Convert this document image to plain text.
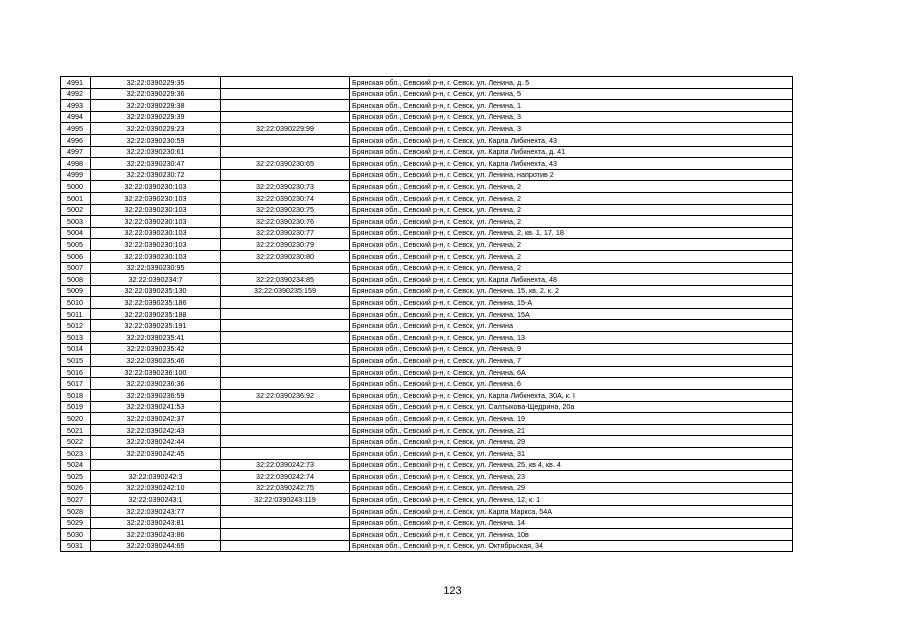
4991	32:22:0390229:35		Брянская обл., Севский р-н, г. Севск, ул. Ленина, д. 5
4992	32:22:0390229:36		Брянская обл., Севский р-н, г. Севск, ул. Ленина, 5
4993	32:22:0390229:38		Брянская обл., Севский р-н, г. Севск, ул. Ленина, 1
4994	32:22:0390229:39		Брянская обл., Севский р-н, г. Севск, ул. Ленина, 3
4995	32:22:0390229:23	32:22:0390229:99	Брянская обл., Севский р-н, г. Севск, ул. Ленина, 3
4996	32:22:0390230:59		Брянская обл., Севский р-н, г. Севск, ул. Карла Либкнехта, 43
4997	32:22:0390230:61		Брянская обл., Севский р-н, г. Севск, ул. Карла Либкнехта, д. 41
4998	32:22:0390230:47	32:22:0390230:65	Брянская обл., Севский р-н, г. Севск, ул. Карла Либкнехта, 43
4999	32:22:0390230:72		Брянская обл., Севский р-н, г. Севск, ул. Ленина, напротив 2
5000	32:22:0390230:103	32:22:0390230:73	Брянская обл., Севский р-н, г. Севск, ул. Ленина, 2
5001	32:22:0390230:103	32:22:0390230:74	Брянская обл., Севский р-н, г. Севск, ул. Ленина, 2
5002	32:22:0390230:103	32:22:0390230:75	Брянская обл., Севский р-н, г. Севск, ул. Ленина, 2
5003	32:22:0390230:103	32:22:0390230:76	Брянская обл., Севский р-н, г. Севск, ул. Ленина, 2
5004	32:22:0390230:103	32:22:0390230:77	Брянская обл., Севский р-н, г. Севск, ул. Ленина, 2, кв. 1, 17, 18
5005	32:22:0390230:103	32:22:0390230:79	Брянская обл., Севский р-н, г. Севск, ул. Ленина, 2
5006	32:22:0390230:103	32:22:0390230:80	Брянская обл., Севский р-н, г. Севск, ул. Ленина, 2
5007	32:22:0390230:95		Брянская обл., Севский р-н, г. Севск, ул. Ленина, 2
5008	32:22:0390234:7	32:22:0390234:85	Брянская обл., Севский р-н, г. Севск, ул. Карла Либкнехта, 48
5009	32:22:0390235:130	32:22:0390235:159	Брянская обл., Севский р-н, г. Севск, ул. Ленина, 15, кв. 2, к. 2
5010	32:22:0390235:186		Брянская обл., Севский р-н, г. Севск, ул. Ленина, 15-А
5011	32:22:0390235:188		Брянская обл., Севский р-н, г. Севск, ул. Ленина, 15А
5012	32:22:0390235:191		Брянская обл., Севский р-н, г. Севск, ул. Ленина
5013	32:22:0390235:41		Брянская обл., Севский р-н, г. Севск, ул. Ленина, 13
5014	32:22:0390235:42		Брянская обл., Севский р-н, г. Севск, ул. Ленина, 9
5015	32:22:0390235:46		Брянская обл., Севский р-н, г. Севск, ул. Ленина, 7
5016	32:22:0390236:100		Брянская обл., Севский р-н, г. Севск, ул. Ленина, 6А
5017	32:22:0390236:36		Брянская обл., Севский р-н, г. Севск, ул. Ленина, 6
5018	32:22:0390236:59	32:22:0390236:92	Брянская обл., Севский р-н, г. Севск, ул. Карла Либкнехта, 30А, к. I
5019	32:22:0390241:53		Брянская обл., Севский р-н, г. Севск, ул. Салтыкова-Щедрина, 20а
5020	32:22:0390242:37		Брянская обл., Севский р-н, г. Севск, ул. Ленина, 19
5021	32:22:0390242:43		Брянская обл., Севский р-н, г. Севск, ул. Ленина, 21
5022	32:22:0390242:44		Брянская обл., Севский р-н, г. Севск, ул. Ленина, 29
5023	32:22:0390242:45		Брянская обл., Севский р-н, г. Севск, ул. Ленина, 31
5024		32:22:0390242:73	Брянская обл., Севский р-н, г. Севск, ул. Ленина, 25, кв 4, кв. 4
5025	32:22:0390242:3	32:22:0390242:74	Брянская обл., Севский р-н, г. Севск, ул. Ленина, 23
5026	32:22:0390242:10	32:22:0390242:75	Брянская обл., Севский р-н, г. Севск, ул. Ленина, 29
5027	32:22:0390243:1	32:22:0390243:119	Брянская обл., Севский р-н, г. Севск, ул. Ленина, 12, к. 1
5028	32:22:0390243:77		Брянская обл., Севский р-н, г. Севск, ул. Карла Маркса, 54А
5029	32:22:0390243:81		Брянская обл., Севский р-н, г. Севск, ул. Ленина, 14
5030	32:22:0390243:86		Брянская обл., Севский р-н, г. Севск, ул. Ленина, 10в
5031	32:22:0390244:65		Брянская обл., Севский р-н, г. Севск, ул. Октябрьская, 34
123
